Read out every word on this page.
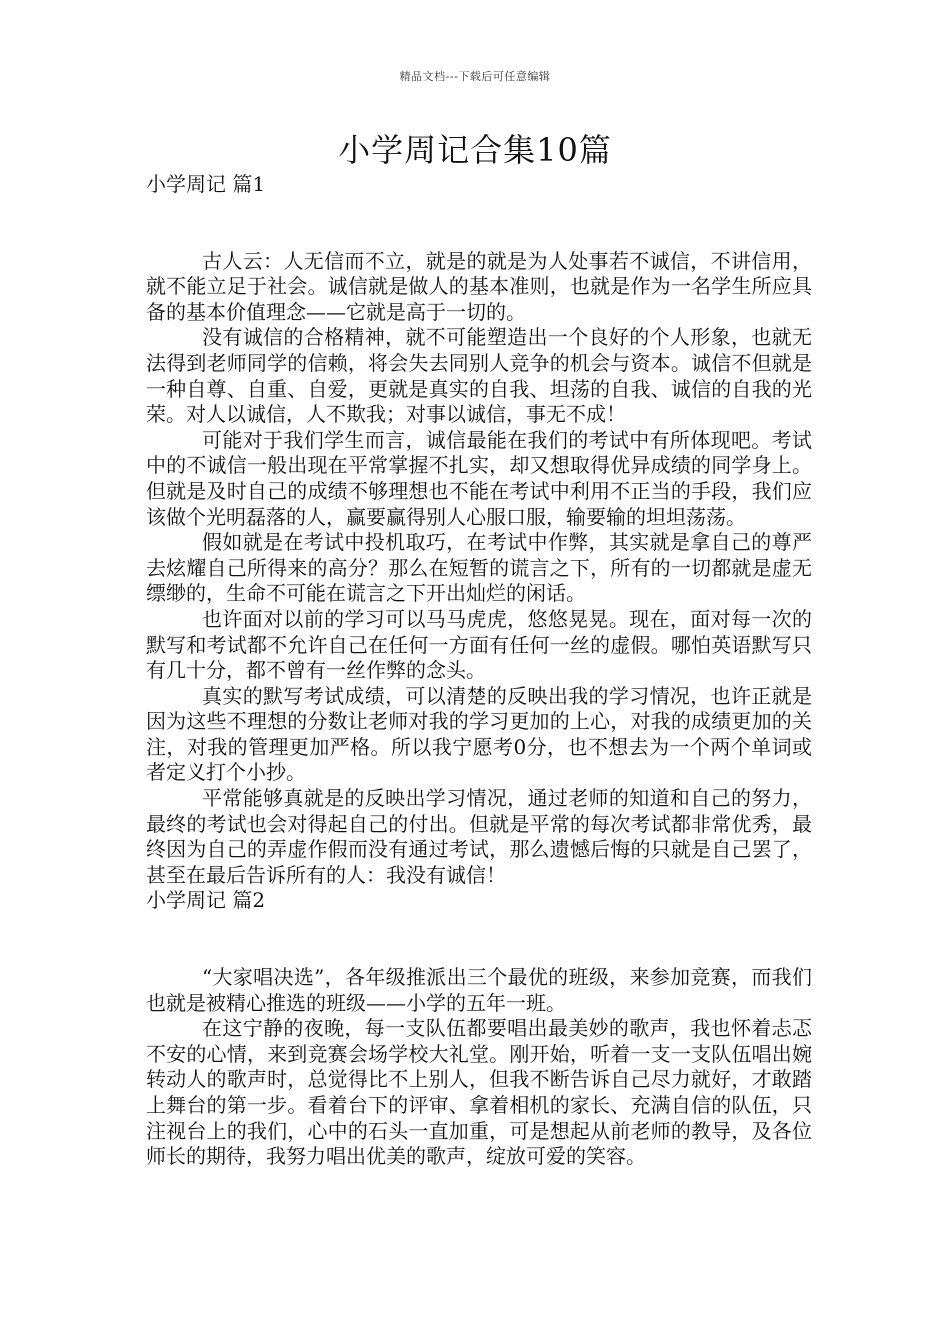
精品文档---下载后可任意编辑
小学周记合集10篇
小学周记 篇1

古人云：人无信而不立，就是的就是为人处事若不诚信，不讲信用，就不能立足于社会。诚信就是做人的基本准则，也就是作为一名学生所应具备的基本价值理念——它就是高于一切的。

没有诚信的合格精神，就不可能塑造出一个良好的个人形象，也就无法得到老师同学的信赖，将会失去同别人竞争的机会与资本。诚信不但就是一种自尊、自重、自爱，更就是真实的自我、坦荡的自我、诚信的自我的光荣。对人以诚信，人不欺我；对事以诚信，事无不成！

可能对于我们学生而言，诚信最能在我们的考试中有所体现吧。考试中的不诚信一般出现在平常掌握不扎实，却又想取得优异成绩的同学身上。但就是及时自己的成绩不够理想也不能在考试中利用不正当的手段，我们应该做个光明磊落的人，赢要赢得别人心服口服，输要输的坦坦荡荡。

假如就是在考试中投机取巧，在考试中作弊，其实就是拿自己的尊严去炫耀自己所得来的高分？那么在短暂的谎言之下，所有的一切都就是虚无缥缈的，生命不可能在谎言之下开出灿烂的闲话。

也许面对以前的学习可以马马虎虎，悠悠晃晃。现在，面对每一次的默写和考试都不允许自己在任何一方面有任何一丝的虚假。哪怕英语默写只有几十分，都不曾有一丝作弊的念头。

真实的默写考试成绩，可以清楚的反映出我的学习情况，也许正就是因为这些不理想的分数让老师对我的学习更加的上心，对我的成绩更加的关注，对我的管理更加严格。所以我宁愿考0分，也不想去为一个两个单词或者定义打个小抄。

平常能够真就是的反映出学习情况，通过老师的知道和自己的努力，最终的考试也会对得起自己的付出。但就是平常的每次考试都非常优秀，最终因为自己的弄虚作假而没有通过考试，那么遗憾后悔的只就是自己罢了，甚至在最后告诉所有的人：我没有诚信！

小学周记 篇2

“大家唱决选”，各年级推派出三个最优的班级，来参加竞赛，而我们也就是被精心推选的班级——小学的五年一班。

在这宁静的夜晚，每一支队伍都要唱出最美妙的歌声，我也怀着忐忑不安的心情，来到竞赛会场学校大礼堂。刚开始，听着一支一支队伍唱出婉转动人的歌声时，总觉得比不上别人，但我不断告诉自己尽力就好，才敢踏上舞台的第一步。看着台下的评审、拿着相机的家长、充满自信的队伍，只注视台上的我们，心中的石头一直加重，可是想起从前老师的教导，及各位师长的期待，我努力唱出优美的歌声，绽放可爱的笑容。
